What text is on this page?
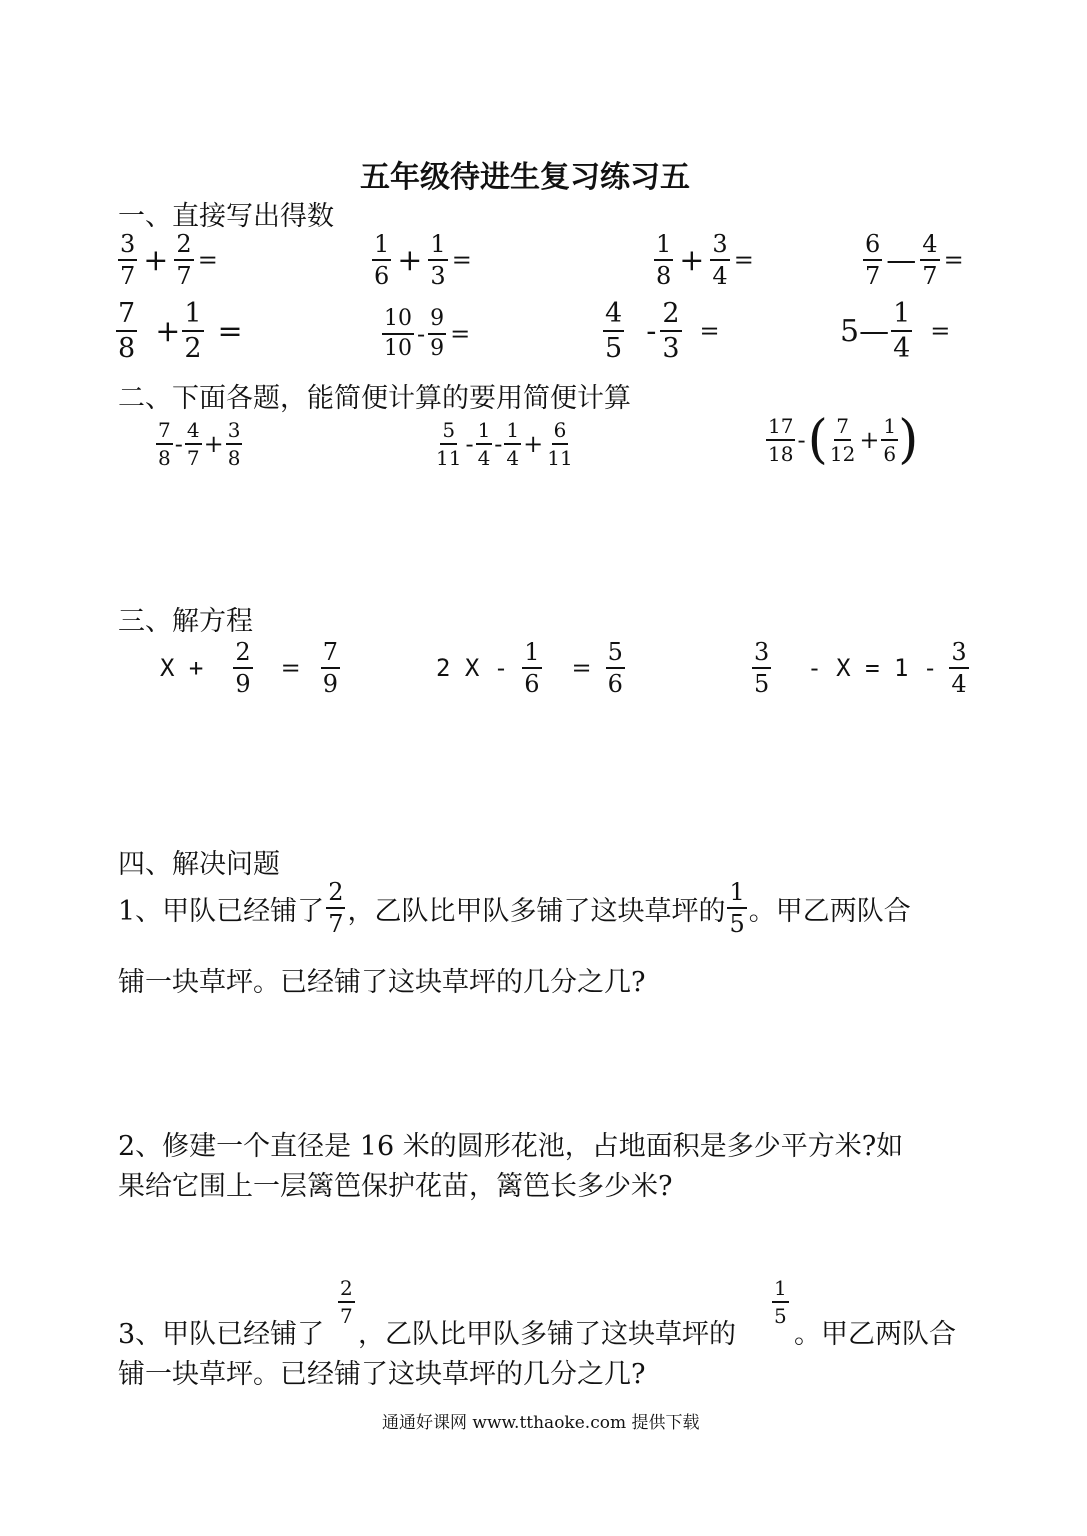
五年级待进生复习练习五
一、直接写出得数
$\frac{3}{7} + \frac{2}{7}$ =	$\frac{1}{6} + \frac{1}{3}$ =	$\frac{1}{8} + \frac{3}{4}$ =	$\frac{6}{7}$ — $\frac{4}{7}$ =
$\frac{7}{8} + \frac{1}{2}$ =	$\frac{10}{10} - \frac{9}{9}$ =	$\frac{4}{5} - \frac{2}{3}$ =	5— $\frac{1}{4}$ =
二、下面各题，能简便计算的要用简便计算
$\frac{7}{8} - \frac{4}{7} + \frac{3}{8}$	$\frac{5}{11} - \frac{1}{4} - \frac{1}{4} + \frac{6}{11}$	$\frac{17}{18}$ - ( $\frac{7}{12} + \frac{1}{6}$ )
三、解方程
$X + \frac{2}{9} = \frac{7}{9}$	2 $X - \frac{1}{6} = \frac{5}{6}$	$\frac{3}{5} - X = 1 - \frac{3}{4}$
四、解决问题
1、甲队已经铺了 $\frac{2}{7}$ ，乙队比甲队多铺了这块草坪的 $\frac{1}{5}$ 。甲乙两队合
铺一块草坪。已经铺了这块草坪的几分之几?
2、修建一个直径是 16 米的圆形花池，占地面积是多少平方米?如
果给它围上一层篱笆保护花苗，篱笆长多少米?
3、甲队已经铺了
$\frac{2}{7}$
，乙队比甲队多铺了这块草坪的
$\frac{1}{5}$
。甲乙两队合
铺一块草坪。已经铺了这块草坪的几分之几?
通通好课网 www.tthaoke.com 提供下载
